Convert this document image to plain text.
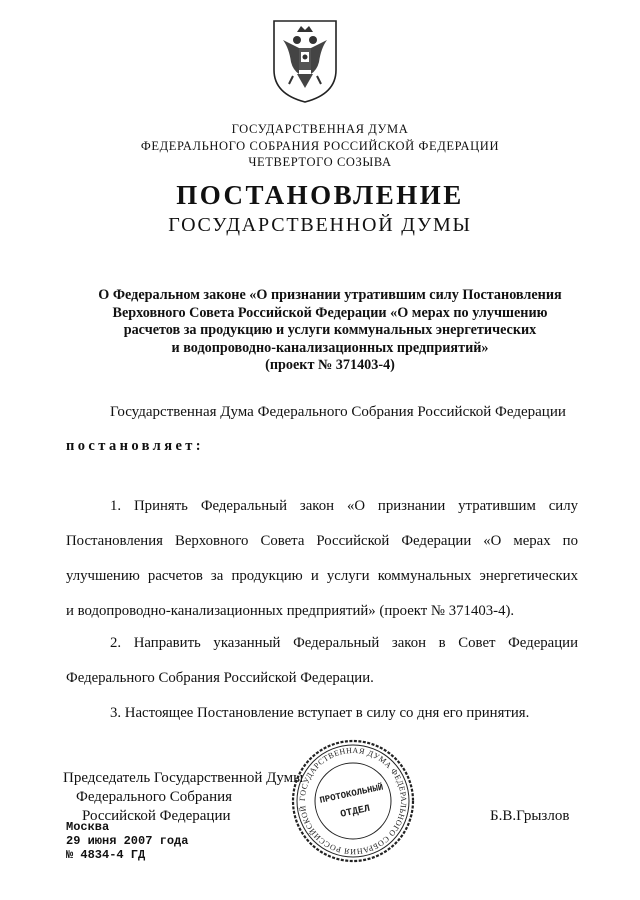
ГОСУДАРСТВЕННАЯ ДУМА
ФЕДЕРАЛЬНОГО СОБРАНИЯ РОССИЙСКОЙ ФЕДЕРАЦИИ
ЧЕТВЕРТОГО СОЗЫВА
ПОСТАНОВЛЕНИЕ
ГОСУДАРСТВЕННОЙ ДУМЫ
О Федеральном законе «О признании утратившим силу Постановления
Верховного Совета Российской Федерации «О мерах по улучшению
расчетов за продукцию и услуги коммунальных энергетических
и водопроводно-канализационных предприятий»
(проект № 371403-4)
Государственная Дума Федерального Собрания Российской Федерации
постановляет:
1. Принять Федеральный закон «О признании утратившим силу
Постановления Верховного Совета Российской Федерации «О мерах по
улучшению расчетов за продукцию и услуги коммунальных энергетических
и водопроводно-канализационных предприятий» (проект № 371403-4).
2. Направить указанный Федеральный закон в Совет Федерации
Федерального Собрания Российской Федерации.
3. Настоящее Постановление вступает в силу со дня его принятия.
Председатель Государственной Думы
Федерального Собрания
Российской Федерации	Б.В.Грызлов
ГОСУДАРСТВЕННАЯ ДУМА ФЕДЕРАЛЬНОГО СОБРАНИЯ РОССИЙСКОЙ
ПРОТОКОЛЬНЫЙ
ОТДЕЛ
Москва
29 июня 2007 года
№ 4834-4 ГД
